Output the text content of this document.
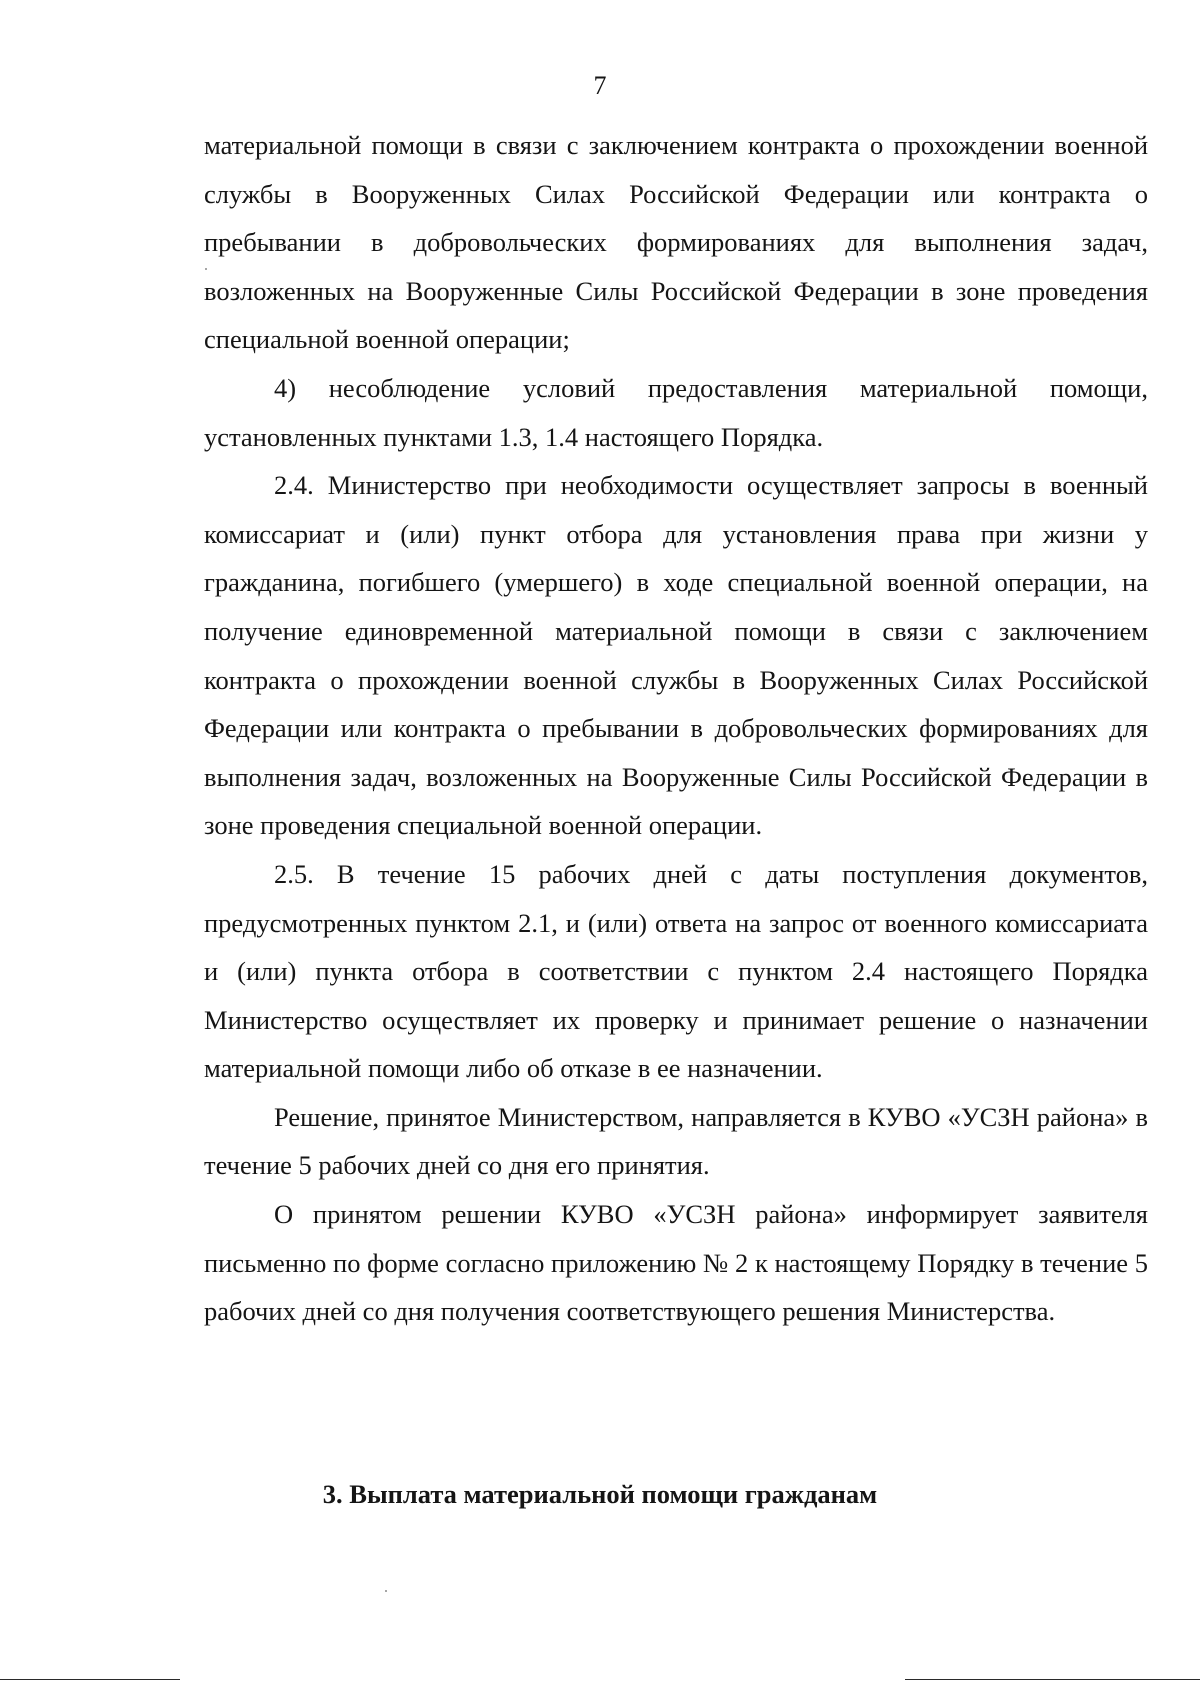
7

материальной помощи в связи с заключением контракта о прохождении военной службы в Вооруженных Силах Российской Федерации или контракта о пребывании в добровольческих формированиях для выполнения задач, возложенных на Вооруженные Силы Российской Федерации в зоне проведения специальной военной операции;

4) несоблюдение условий предоставления материальной помощи, установленных пунктами 1.3, 1.4 настоящего Порядка.

2.4. Министерство при необходимости осуществляет запросы в военный комиссариат и (или) пункт отбора для установления права при жизни у гражданина, погибшего (умершего) в ходе специальной военной операции, на получение единовременной материальной помощи в связи с заключением контракта о прохождении военной службы в Вооруженных Силах Российской Федерации или контракта о пребывании в добровольческих формированиях для выполнения задач, возложенных на Вооруженные Силы Российской Федерации в зоне проведения специальной военной операции.

2.5. В течение 15 рабочих дней с даты поступления документов, предусмотренных пунктом 2.1, и (или) ответа на запрос от военного комиссариата и (или) пункта отбора в соответствии с пунктом 2.4 настоящего Порядка Министерство осуществляет их проверку и принимает решение о назначении материальной помощи либо об отказе в ее назначении.

Решение, принятое Министерством, направляется в КУВО «УСЗН района» в течение 5 рабочих дней со дня его принятия.

О принятом решении КУВО «УСЗН района» информирует заявителя письменно по форме согласно приложению № 2 к настоящему Порядку в течение 5 рабочих дней со дня получения соответствующего решения Министерства.

3. Выплата материальной помощи гражданам
